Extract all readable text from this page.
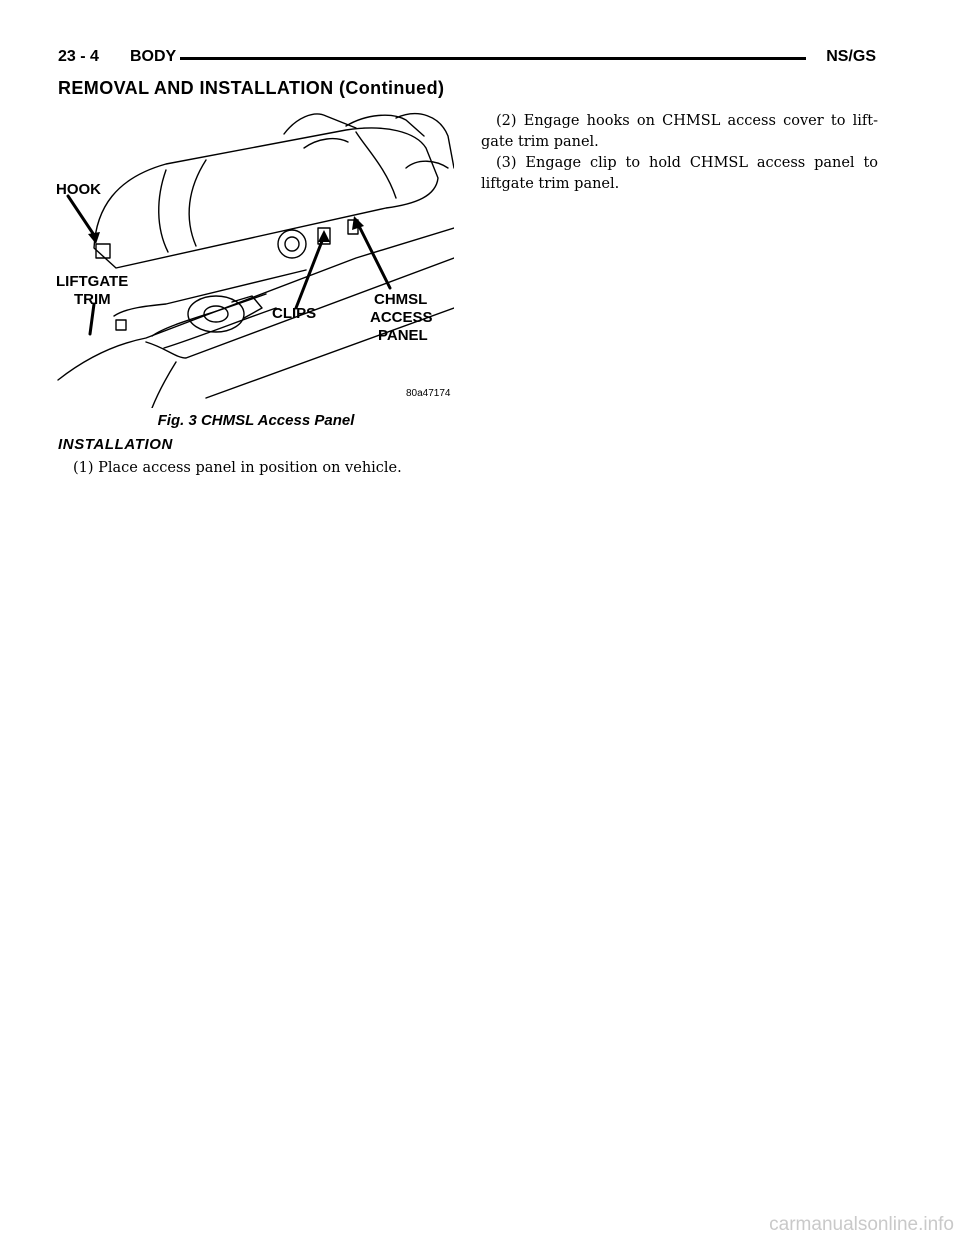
23 - 4 BODY	NS/GS
REMOVAL AND INSTALLATION (Continued)
HOOK
LIFTGATE
TRIM
CLIPS
CHMSL
ACCESS
PANEL
80a47174
Fig. 3 CHMSL Access Panel
INSTALLATION

(1) Place access panel in position on vehicle.

(2) Engage hooks on CHMSL access cover to lift-gate trim panel.

(3) Engage clip to hold CHMSL access panel to liftgate trim panel.

carmanualsonline.info
